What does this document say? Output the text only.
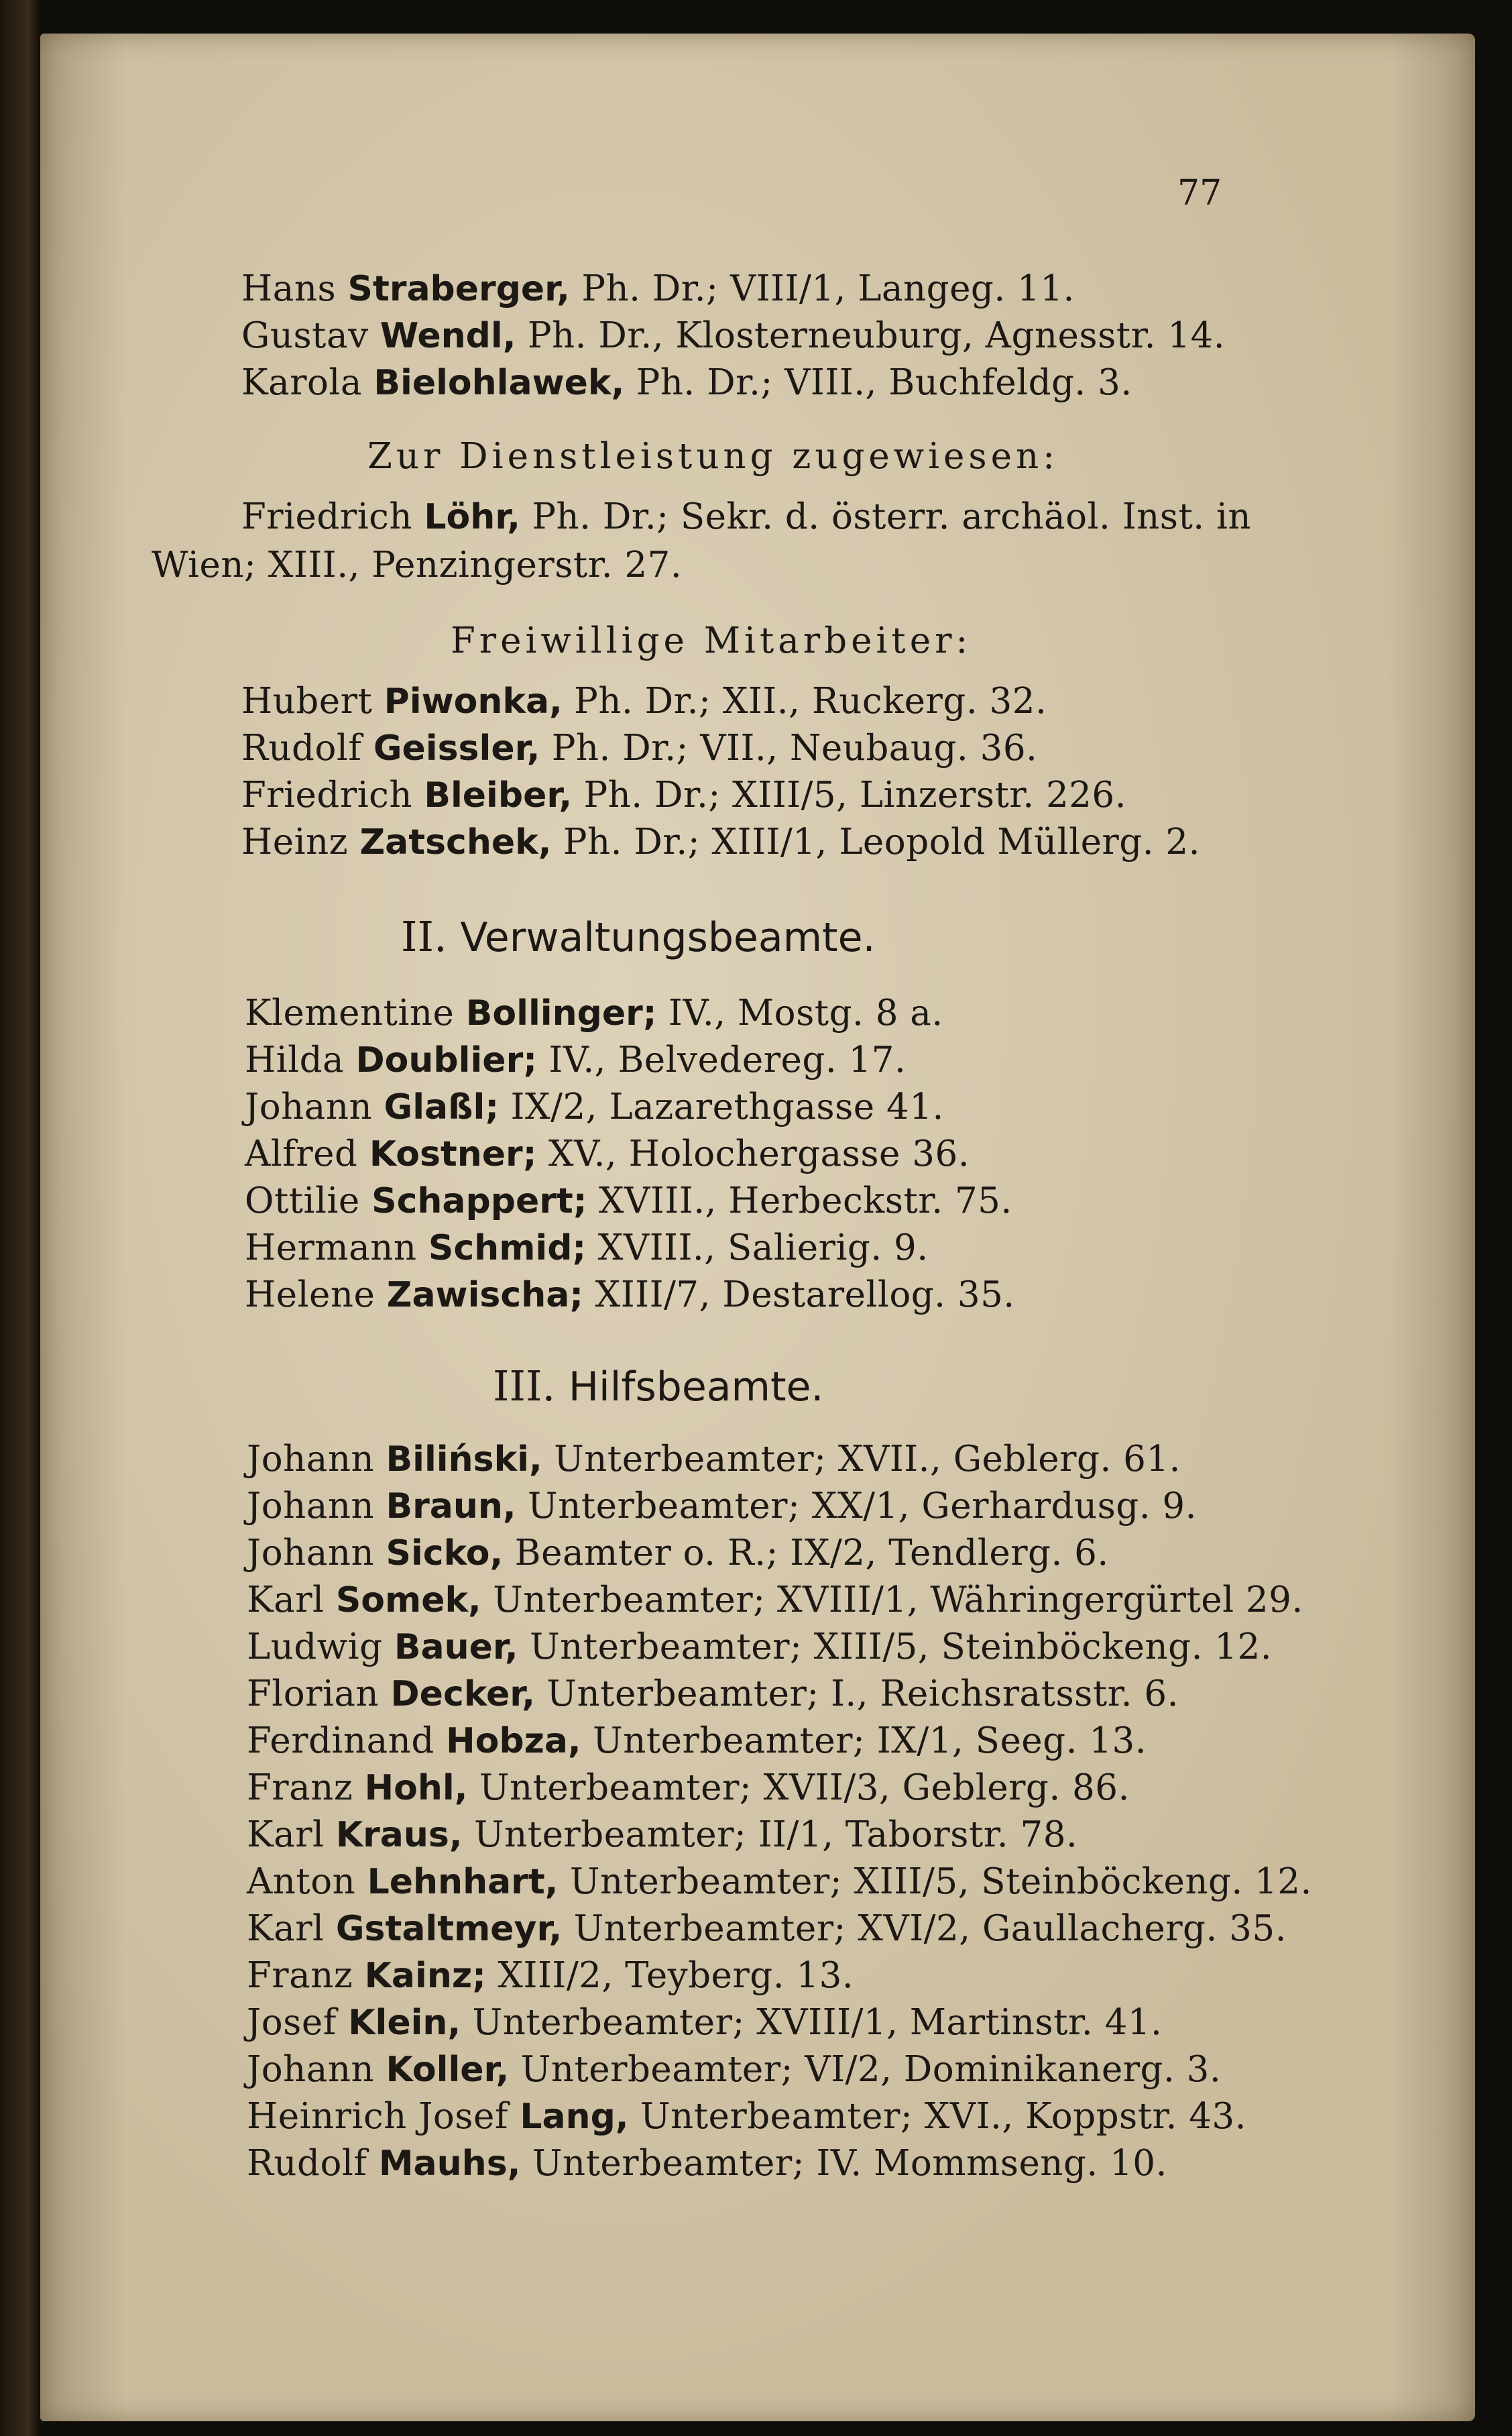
77
Hans Straberger, Ph. Dr.; VIII/1, Langeg. 11.
Gustav Wendl, Ph. Dr., Klosterneuburg, Agnesstr. 14.
Karola Bielohlawek, Ph. Dr.; VIII., Buchfeldg. 3.
Zur Dienstleistung zugewiesen:
Friedrich Löhr, Ph. Dr.; Sekr. d. österr. archäol. Inst. in
Wien; XIII., Penzingerstr. 27.
Freiwillige Mitarbeiter:
Hubert Piwonka, Ph. Dr.; XII., Ruckerg. 32.
Rudolf Geissler, Ph. Dr.; VII., Neubaug. 36.
Friedrich Bleiber, Ph. Dr.; XIII/5, Linzerstr. 226.
Heinz Zatschek, Ph. Dr.; XIII/1, Leopold Müllerg. 2.
II. Verwaltungsbeamte.
Klementine Bollinger; IV., Mostg. 8 a.
Hilda Doublier; IV., Belvedereg. 17.
Johann Glaßl; IX/2, Lazarethgasse 41.
Alfred Kostner; XV., Holochergasse 36.
Ottilie Schappert; XVIII., Herbeckstr. 75.
Hermann Schmid; XVIII., Salierig. 9.
Helene Zawischa; XIII/7, Destarellog. 35.
III. Hilfsbeamte.
Johann Biliński, Unterbeamter; XVII., Geblerg. 61.
Johann Braun, Unterbeamter; XX/1, Gerhardusg. 9.
Johann Sicko, Beamter o. R.; IX/2, Tendlerg. 6.
Karl Somek, Unterbeamter; XVIII/1, Währingergürtel 29.
Ludwig Bauer, Unterbeamter; XIII/5, Steinböckeng. 12.
Florian Decker, Unterbeamter; I., Reichsratsstr. 6.
Ferdinand Hobza, Unterbeamter; IX/1, Seeg. 13.
Franz Hohl, Unterbeamter; XVII/3, Geblerg. 86.
Karl Kraus, Unterbeamter; II/1, Taborstr. 78.
Anton Lehnhart, Unterbeamter; XIII/5, Steinböckeng. 12.
Karl Gstaltmeyr, Unterbeamter; XVI/2, Gaullacherg. 35.
Franz Kainz; XIII/2, Teyberg. 13.
Josef Klein, Unterbeamter; XVIII/1, Martinstr. 41.
Johann Koller, Unterbeamter; VI/2, Dominikanerg. 3.
Heinrich Josef Lang, Unterbeamter; XVI., Koppstr. 43.
Rudolf Mauhs, Unterbeamter; IV. Mommseng. 10.
